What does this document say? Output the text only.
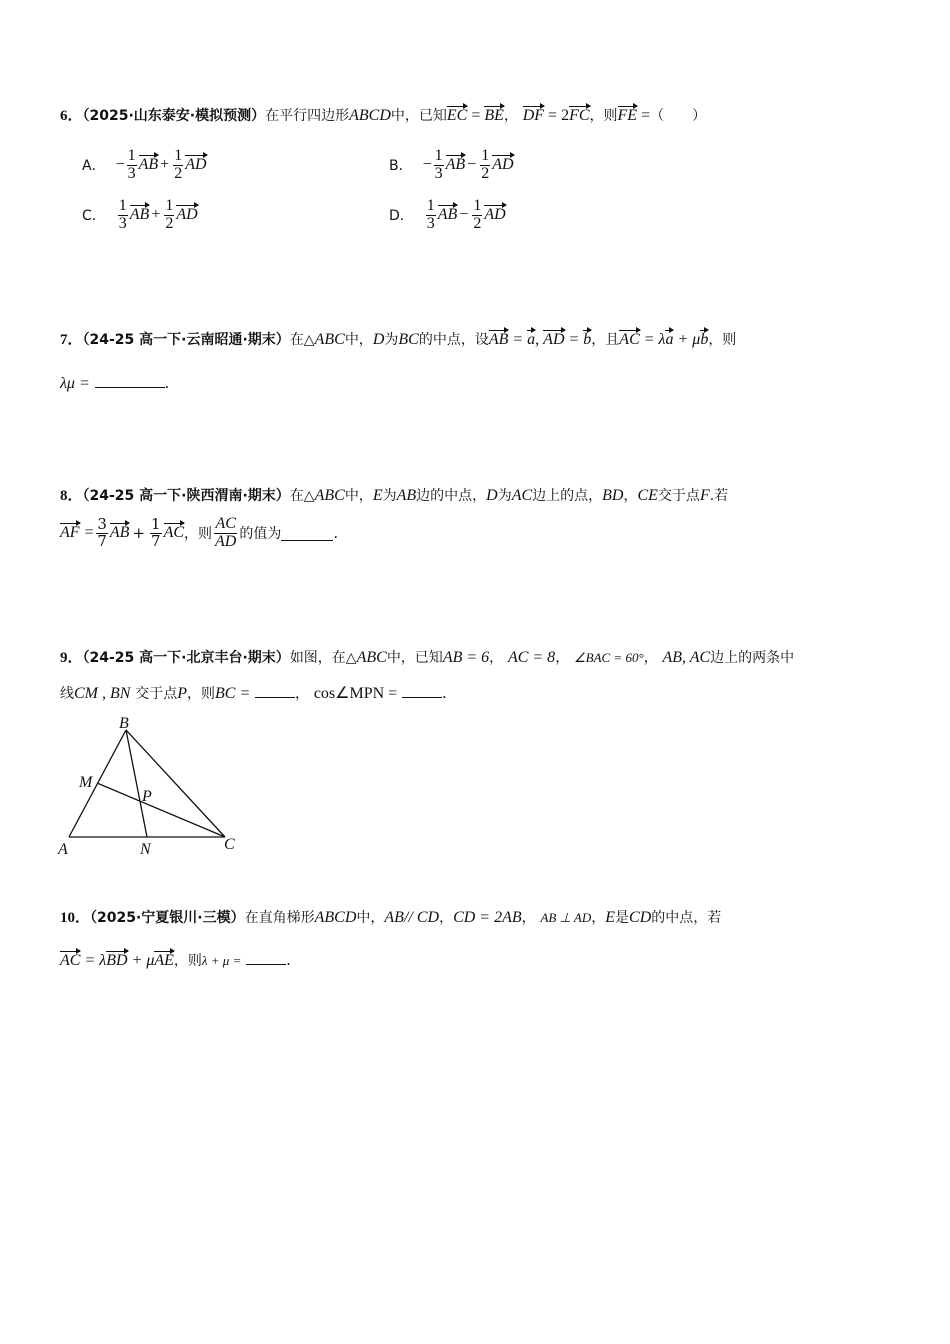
6．（2025·山东泰安·模拟预测）在平行四边形ABCD中，已知EC = BE， DF = 2FC，则FE =（　　）
A． − $\frac{1}{3}$ AB + $\frac{1}{2}$ AD	B． − $\frac{1}{3}$ AB − $\frac{1}{2}$ AD
C． $\frac{1}{3}$ AB + $\frac{1}{2}$ AD	D． $\frac{1}{3}$ AB − $\frac{1}{2}$ AD
7．（24-25 高一下·云南昭通·期末）在△ABC中，D为BC的中点，设AB = a, AD = b，且AC = λa + μb，则
λμ =	.
8．（24-25 高一下·陕西渭南·期末）在△ABC中，E为AB边的中点，D为AC边上的点，BD，CE交于点F.若
AF = $\frac{3}{7}$ AB + $\frac{1}{7}$ AC ，则 $\frac{AC}{AD}$ 的值为	.
9．（24-25 高一下·北京丰台·期末）如图，在△ABC中，已知AB = 6， AC = 8， ∠BAC = 60°， AB, AC边上的两条中
线CM , BN 交于点P，则BC =	， cos∠MPN =	.
B
M
P
A	N	C
10．（2025·宁夏银川·三模）在直角梯形ABCD中，AB// CD，CD = 2AB， AB ⊥ AD，E是CD的中点，若
AC = λBD + μAE，则λ + μ =	.
